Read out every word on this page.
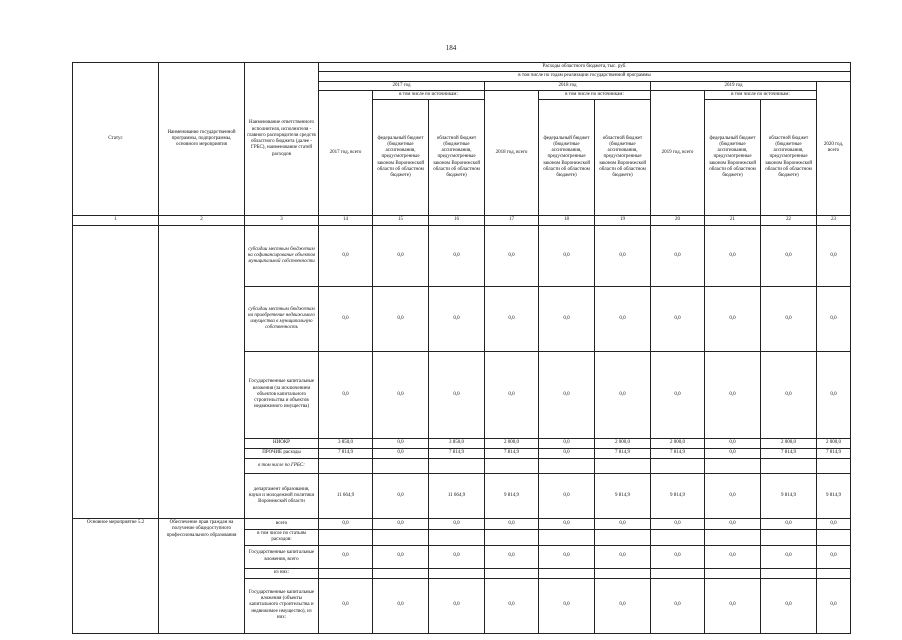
184
Статус	Наименование государственной программы, подпрограммы, основного мероприятия	Наименование ответственного исполнителя, исполнителя - главного распорядителя средств областного бюджета (далее - ГРБС), наименование статей расходов	Расходы областного бюджета, тыс. руб.									
			в том числе по годам реализации государственной программы									
			2017 год			2018 год			2019 год			2020 год, всего
			2017 год, всего	в том числе по источникам:		2018 год, всего	в том числе по источникам:		2019 год, всего	в том числе по источникам:		
				федеральный бюджет (бюджетные ассигнования, предусмотренные законом Воронежской области об областном бюджете)	областной бюджет (бюджетные ассигнования, предусмотренные законом Воронежской области об областном бюджете)		федеральный бюджет (бюджетные ассигнования, предусмотренные законом Воронежской области об областном бюджете)	областной бюджет (бюджетные ассигнования, предусмотренные законом Воронежской области об областном бюджете)		федеральный бюджет (бюджетные ассигнования, предусмотренные законом Воронежской области об областном бюджете)	областной бюджет (бюджетные ассигнования, предусмотренные законом Воронежской области об областном бюджете)	
1	2	3	14	15	16	17	18	19	20	21	22	23
		субсидии местным бюджетам на софинансирование объектов муниципальной собственности	0,0	0,0	0,0	0,0	0,0	0,0	0,0	0,0	0,0	0,0
		субсидии местным бюджетам на приобретение недвижимого имущества в муниципальную собственность	0,0	0,0	0,0	0,0	0,0	0,0	0,0	0,0	0,0	0,0
		Государственные капитальные вложения (за исключением объектов капитального строительства и объектов недвижимого имущества)	0,0	0,0	0,0	0,0	0,0	0,0	0,0	0,0	0,0	0,0
		НИОКР	3 850,0	0,0	3 850,0	2 000,0	0,0	2 000,0	2 000,0	0,0	2 000,0	2 000,0
		ПРОЧИЕ расходы	7 814,9	0,0	7 814,9	7 814,9	0,0	7 814,9	7 814,9	0,0	7 814,9	7 814,9
		в том числе по ГРБС:										
		департамент образования, науки и молодежной политики Воронежской области	11 664,9	0,0	11 664,9	9 814,9	0,0	9 814,9	9 814,9	0,0	9 814,9	9 814,9
Основное мероприятие 5.2	Обеспечение прав граждан на получение общедоступного профессионального образования	всего	0,0	0,0	0,0	0,0	0,0	0,0	0,0	0,0	0,0	0,0
		в том числе по статьям расходов:										
		Государственные капитальные вложения, всего	0,0	0,0	0,0	0,0	0,0	0,0	0,0	0,0	0,0	0,0
		из них:										
		Государственные капитальные вложения (объекты капитального строительства и недвижимое имущество), из них:	0,0	0,0	0,0	0,0	0,0	0,0	0,0	0,0	0,0	0,0
